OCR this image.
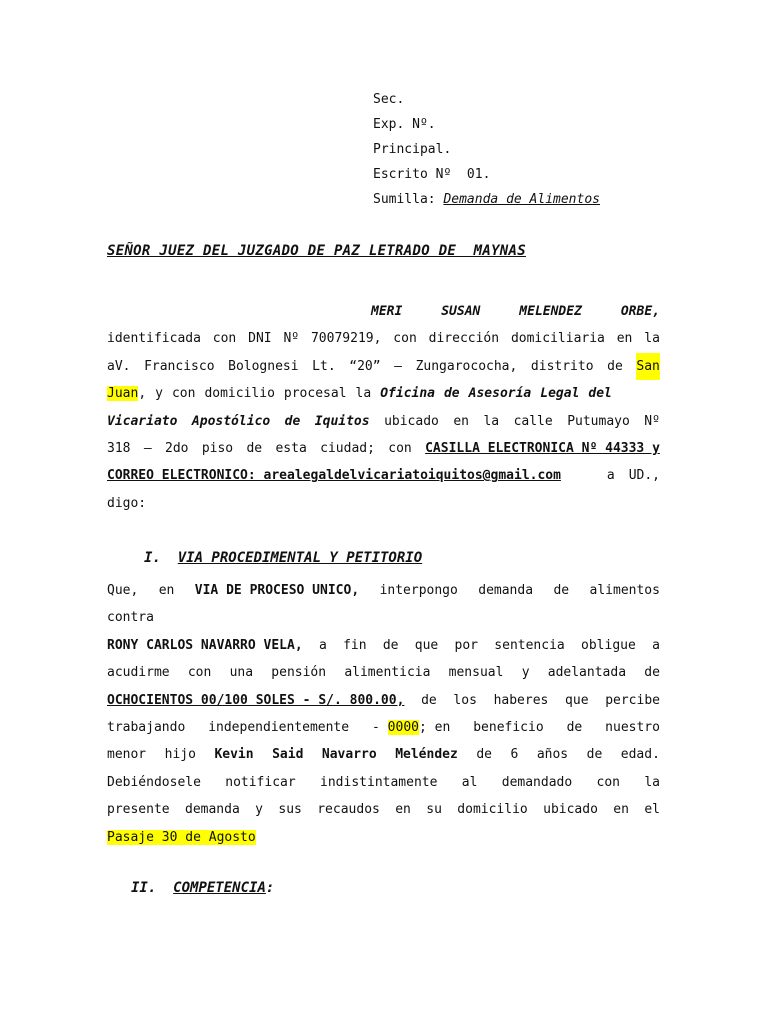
Sec.
Exp. Nº.
Principal.
Escrito Nº  01.
Sumilla: Demanda de Alimentos
SEÑOR JUEZ DEL JUZGADO DE PAZ LETRADO DE  MAYNAS
MERI	SUSAN	MELENDEZ	ORBE,
identificada con DNI Nº 70079219, con dirección domiciliaria en la
aV. Francisco Bolognesi Lt. “20” – Zungarococha, distrito de San
Juan, y con domicilio procesal la Oficina de Asesoría Legal del
Vicariato Apostólico de Iquitos ubicado en la calle Putumayo Nº
318 – 2do piso de esta ciudad; con CASILLA ELECTRONICA Nº 44333 y
CORREO ELECTRONICO: arealegaldelvicariatoiquitos@gmail.com	a UD.,
digo:
I. VIA PROCEDIMENTAL Y PETITORIO
Que, en VIA DE PROCESO UNICO, interpongo demanda de alimentos
contra
RONY CARLOS NAVARRO VELA, a fin de que por sentencia obligue a
acudirme con una pensión alimenticia mensual y adelantada de
OCHOCIENTOS 00/100 SOLES - S/. 800.00, de los haberes que percibe
trabajando independientemente - 0000; en beneficio de nuestro
menor hijo Kevin Said Navarro Meléndez de 6 años de edad.
Debiéndosele notificar indistintamente al demandado con la
presente demanda y sus recaudos en su domicilio ubicado en el
Pasaje 30 de Agosto
II. COMPETENCIA:
